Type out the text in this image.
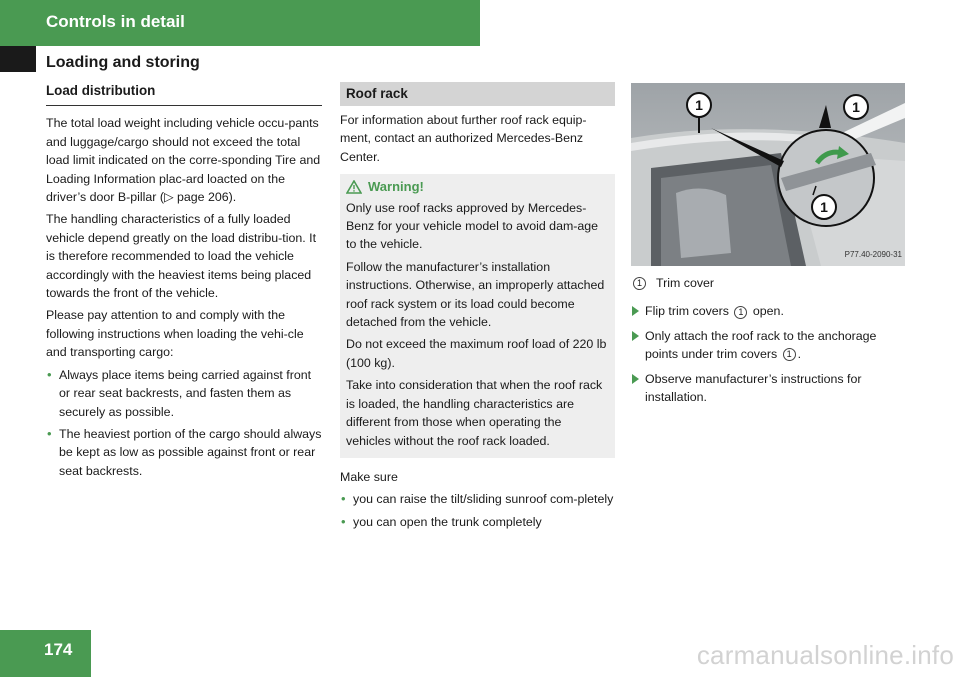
Controls in detail
Loading and storing
Load distribution

The total load weight including vehicle occu-pants and luggage/cargo should not exceed the total load limit indicated on the corre-sponding Tire and Loading Information plac-ard loacted on the driver’s door B-pillar (▷ page 206).

The handling characteristics of a fully loaded vehicle depend greatly on the load distribu-tion. It is therefore recommended to load the vehicle accordingly with the heaviest items being placed towards the front of the vehicle.

Please pay attention to and comply with the following instructions when loading the vehi-cle and transporting cargo:

• Always place items being carried against front or rear seat backrests, and fasten them as securely as possible.
• The heaviest portion of the cargo should always be kept as low as possible against front or rear seat backrests.
Roof rack

For information about further roof rack equip-ment, contact an authorized Mercedes-Benz Center.

Warning!

Only use roof racks approved by Mercedes-Benz for your vehicle model to avoid dam-age to the vehicle.

Follow the manufacturer’s installation instructions. Otherwise, an improperly attached roof rack system or its load could become detached from the vehicle.

Do not exceed the maximum roof load of 220 lb (100 kg).

Take into consideration that when the roof rack is loaded, the handling characteristics are different from those when operating the vehicles without the roof rack loaded.

Make sure

• you can raise the tilt/sliding sunroof com-pletely
• you can open the trunk completely
1	1
1
P77.40-2090-31
1	Trim cover
Flip trim covers 1 open.
Only attach the roof rack to the anchorage points under trim covers 1 .
Observe manufacturer’s instructions for installation.
174	carmanualsonline.info
